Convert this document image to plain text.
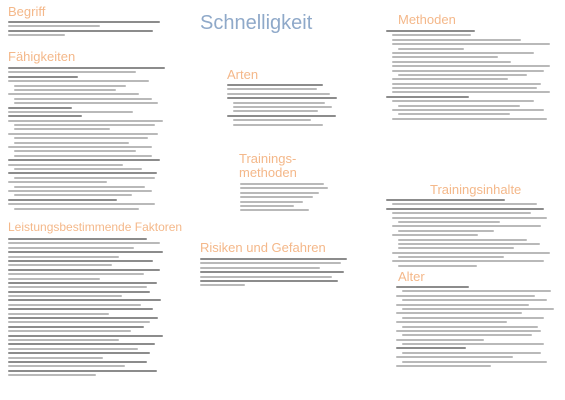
Begriff
Fähigkeiten
Leistungsbestimmende Faktoren
Schnelligkeit
Arten
Trainings-methoden
Risiken und Gefahren
Methoden
Trainingsinhalte
Alter
